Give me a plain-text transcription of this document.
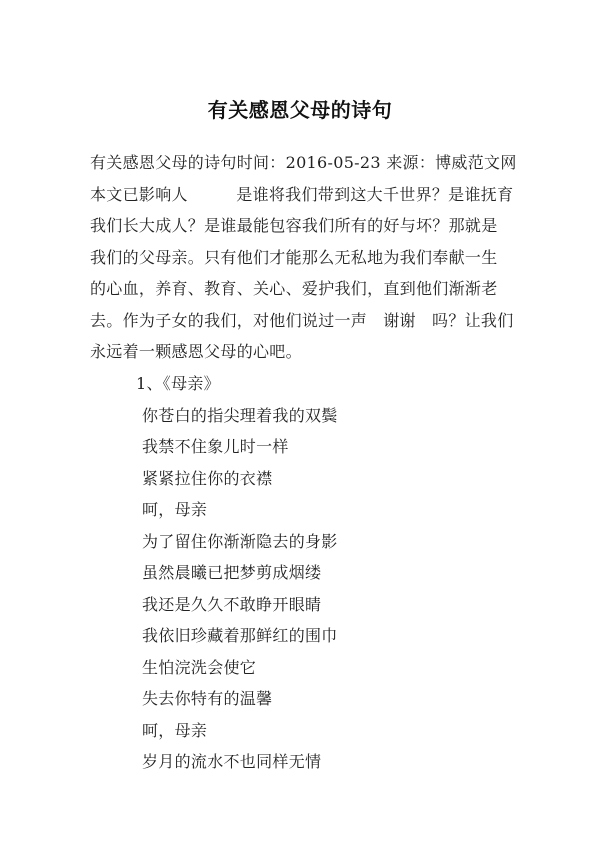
有关感恩父母的诗句
有关感恩父母的诗句时间：2016-05-23 来源：博威范文网
本文已影响人         是谁将我们带到这大千世界？是谁抚育
我们长大成人？是谁最能包容我们所有的好与坏？那就是
我们的父母亲。只有他们才能那么无私地为我们奉献一生
的心血，养育、教育、关心、爱护我们，直到他们渐渐老
去。作为子女的我们，对他们说过一声   谢谢   吗？让我们
永远着一颗感恩父母的心吧。
1、《母亲》
你苍白的指尖理着我的双鬓
我禁不住象儿时一样
紧紧拉住你的衣襟
呵，母亲
为了留住你渐渐隐去的身影
虽然晨曦已把梦剪成烟缕
我还是久久不敢睁开眼睛
我依旧珍藏着那鲜红的围巾
生怕浣洗会使它
失去你特有的温馨
呵，母亲
岁月的流水不也同样无情
